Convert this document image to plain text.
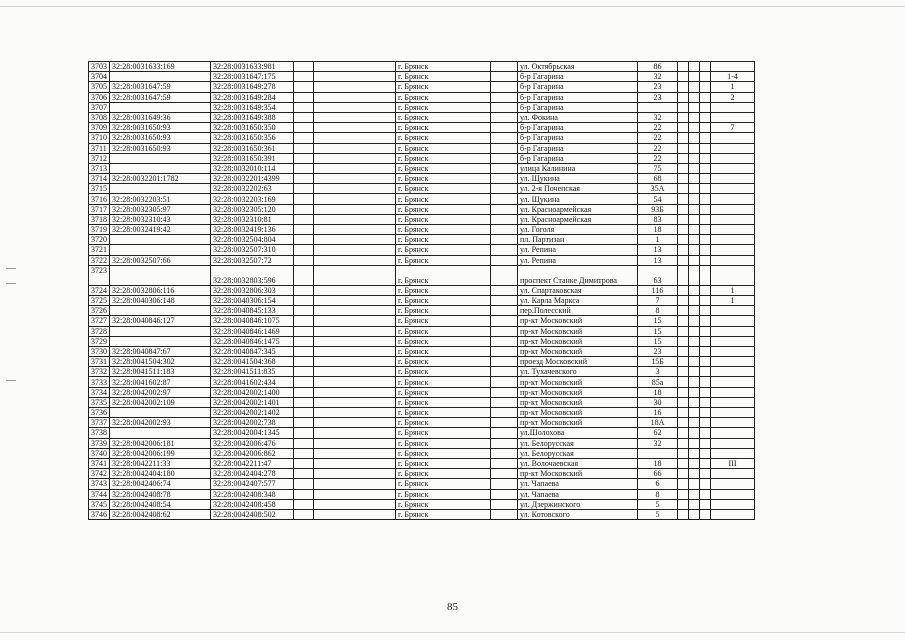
3703	32:28:0031633:169	32:28:0031633:981			г. Брянск		ул. Октябрьская	86				
3704		32:28:0031647:175			г. Брянск		б-р Гагарина	32				1-4
3705	32:28:0031647:59	32:28:0031649:278			г. Брянск		б-р Гагарина	23				1
3706	32:28:0031647:59	32:28:0031649:284			г. Брянск		б-р Гагарина	23				2
3707		32:28:0031649:354			г. Брянск		б-р Гагарина					
3708	32:28:0031649:36	32:28:0031649:388			г. Брянск		ул. Фокина	32				
3709	32:28:0031650:93	32:28:0031650:350			г. Брянск		б-р Гагарина	22				7
3710	32:28:0031650:93	32:28:0031650:356			г. Брянск		б-р Гагарина	22				
3711	32:28:0031650:93	32:28:0031650:361			г. Брянск		б-р Гагарина	22				
3712		32:28:0031650:391			г. Брянск		б-р Гагарина	22				
3713		32:28:0032010:114			г. Брянск		улица Калинина	75				
3714	32:28:0032201:1782	32:28:0032201:4399			г. Брянск		ул. Щукина	68				
3715		32:28:0032202:63			г. Брянск		ул. 2-я Почепская	35А				
3716	32:28:0032203:51	32:28:0032203:169			г. Брянск		ул. Щукина	54				
3717	32:28:0032305:97	32:28:0032305:120			г. Брянск		ул. Красноармейская	93Б				
3718	32:28:0032310:43	32:28:0032310:81			г. Брянск		ул. Красноармейская	83				
3719	32:28:0032419:42	32:28:0032419:136			г. Брянск		ул. Гоголя	18				
3720		32:28:0032504:804			г. Брянск		пл. Партизан	1				
3721		32:28:0032507:310			г. Брянск		ул. Репина	13				
3722	32:28:0032507:66	32:28:0032507:72			г. Брянск		ул. Репина	13				
3723		32:28:0032803:596			г. Брянск		проспект Станке Димитрова	63				
3724	32:28:0032806:116	32:28:0032806:303			г. Брянск		ул. Спартаковская	116				1
3725	32:28:0040306:148	32:28:0040306:154			г. Брянск		ул. Карла Маркса	7				1
3726		32:28:0040845:133			г. Брянск		пер.Полесский	8				
3727	32:28:0040846:127	32:28:0040846:1075			г. Брянск		пр-кт Московский	15				
3728		32:28:0040846:1469			г. Брянск		пр-кт Московский	15				
3729		32:28:0040846:1475			г. Брянск		пр-кт Московский	15				
3730	32:28:0040847:67	32:28:0040847:345			г. Брянск		пр-кт Московский	23				
3731	32:28:0041504:302	32:28:0041504:368			г. Брянск		проезд Московский	15Б				
3732	32:28:0041511:183	32:28:0041511:835			г. Брянск		ул. Тухачевского	3				
3733	32:28:0041602:87	32:28:0041602:434			г. Брянск		пр-кт Московский	85а				
3734	32:28:0042002:97	32:28:0042002:1400			г. Брянск		пр-кт Московский	18				
3735	32:28:0042002:109	32:28:0042002:1401			г. Брянск		пр-кт Московский	30				
3736		32:28:0042002:1402			г. Брянск		пр-кт Московский	16				
3737	32:28:0042002:93	32:28:0042002:738			г. Брянск		пр-кт Московский	18А				
3738		32:28:0042004:1345			г. Брянск		ул.Шолохова	62				
3739	32:28:0042006:181	32:28:0042006:476			г. Брянск		ул. Белорусская	32				
3740	32:28:0042006:199	32:28:0042006:862			г. Брянск		ул. Белорусская					
3741	32:28:0042211:33	32:28:0042211:47			г. Брянск		ул. Волочаевская	18				III
3742	32:28:0042404:180	32:28:0042404:278			г. Брянск		пр-кт Московский	66				
3743	32:28:0042406:74	32:28:0042407:577			г. Брянск		ул. Чапаева	6				
3744	32:28:0042408:78	32:28:0042408:348			г. Брянск		ул. Чапаева	8				
3745	32:28:0042408:54	32:28:0042408:458			г. Брянск		ул. Дзержинского	5				
3746	32:28:0042408:62	32:28:0042408:502			г. Брянск		ул. Котовского	5				
85
